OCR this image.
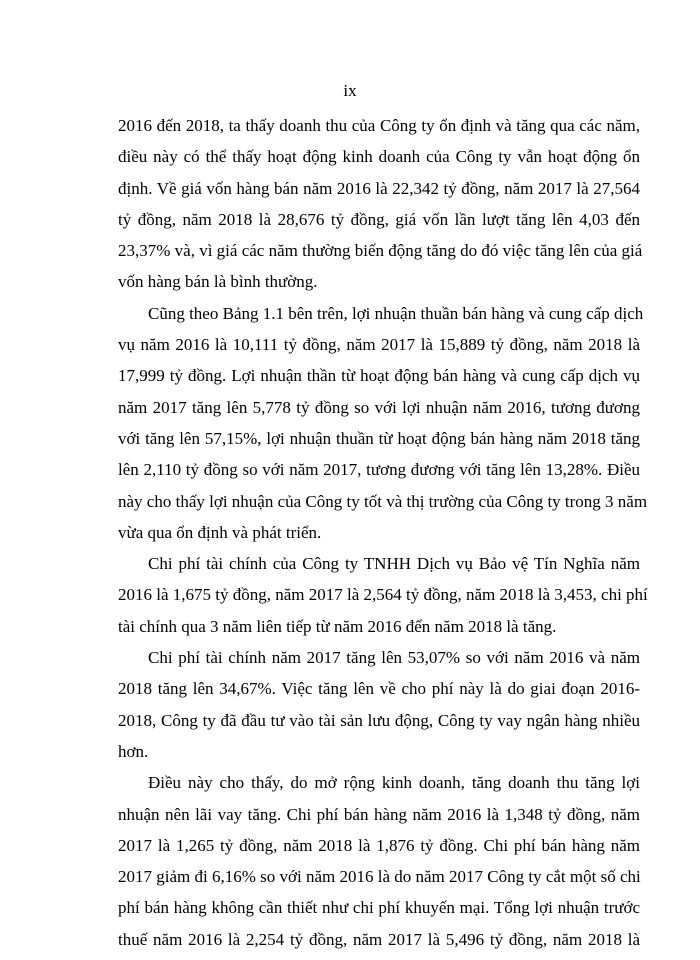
ix
2016 đến 2018, ta thấy doanh thu của Công ty ổn định và tăng qua các năm,
điều này có thể thấy hoạt động kinh doanh của Công ty vẫn hoạt động ổn
định. Về giá vốn hàng bán năm 2016 là 22,342 tỷ đồng, năm 2017 là 27,564
tỷ đồng, năm 2018 là 28,676 tỷ đồng, giá vốn lần lượt tăng lên 4,03 đến
23,37% và, vì giá các năm thường biến động tăng do đó việc tăng lên của giá
vốn hàng bán là bình thường.
Cũng theo Bảng 1.1 bên trên, lợi nhuận thuần bán hàng và cung cấp dịch
vụ năm 2016 là 10,111 tỷ đồng, năm 2017 là 15,889 tỷ đồng, năm 2018 là
17,999 tỷ đồng. Lợi nhuận thần từ hoạt động bán hàng và cung cấp dịch vụ
năm 2017 tăng lên 5,778 tỷ đồng so với lợi nhuận năm 2016, tương đương
với tăng lên 57,15%, lợi nhuận thuần từ hoạt động bán hàng năm 2018 tăng
lên 2,110 tỷ đồng so với năm 2017, tương đương với tăng lên 13,28%. Điều
này cho thấy lợi nhuận của Công ty tốt và thị trường của Công ty trong 3 năm
vừa qua ổn định và phát triển.
Chi phí tài chính của Công ty TNHH Dịch vụ Bảo vệ Tín Nghĩa năm
2016 là 1,675 tỷ đồng, năm 2017 là 2,564 tỷ đồng, năm 2018 là 3,453, chi phí
tài chính qua 3 năm liên tiếp từ năm 2016 đến năm 2018 là tăng.
Chi phí tài chính năm 2017 tăng lên 53,07% so với năm 2016 và năm
2018 tăng lên 34,67%. Việc tăng lên về cho phí này là do giai đoạn 2016-
2018, Công ty đã đầu tư vào tài sản lưu động, Công ty vay ngân hàng nhiều
hơn.
Điều này cho thấy, do mở rộng kinh doanh, tăng doanh thu tăng lợi
nhuận nên lãi vay tăng. Chi phí bán hàng năm 2016 là 1,348 tỷ đồng, năm
2017 là 1,265 tỷ đồng, năm 2018 là 1,876 tỷ đồng. Chi phí bán hàng năm
2017 giảm đi 6,16% so với năm 2016 là do năm 2017 Công ty cắt một số chi
phí bán hàng không cần thiết như chi phí khuyến mại. Tổng lợi nhuận trước
thuế năm 2016 là 2,254 tỷ đồng, năm 2017 là 5,496 tỷ đồng, năm 2018 là
